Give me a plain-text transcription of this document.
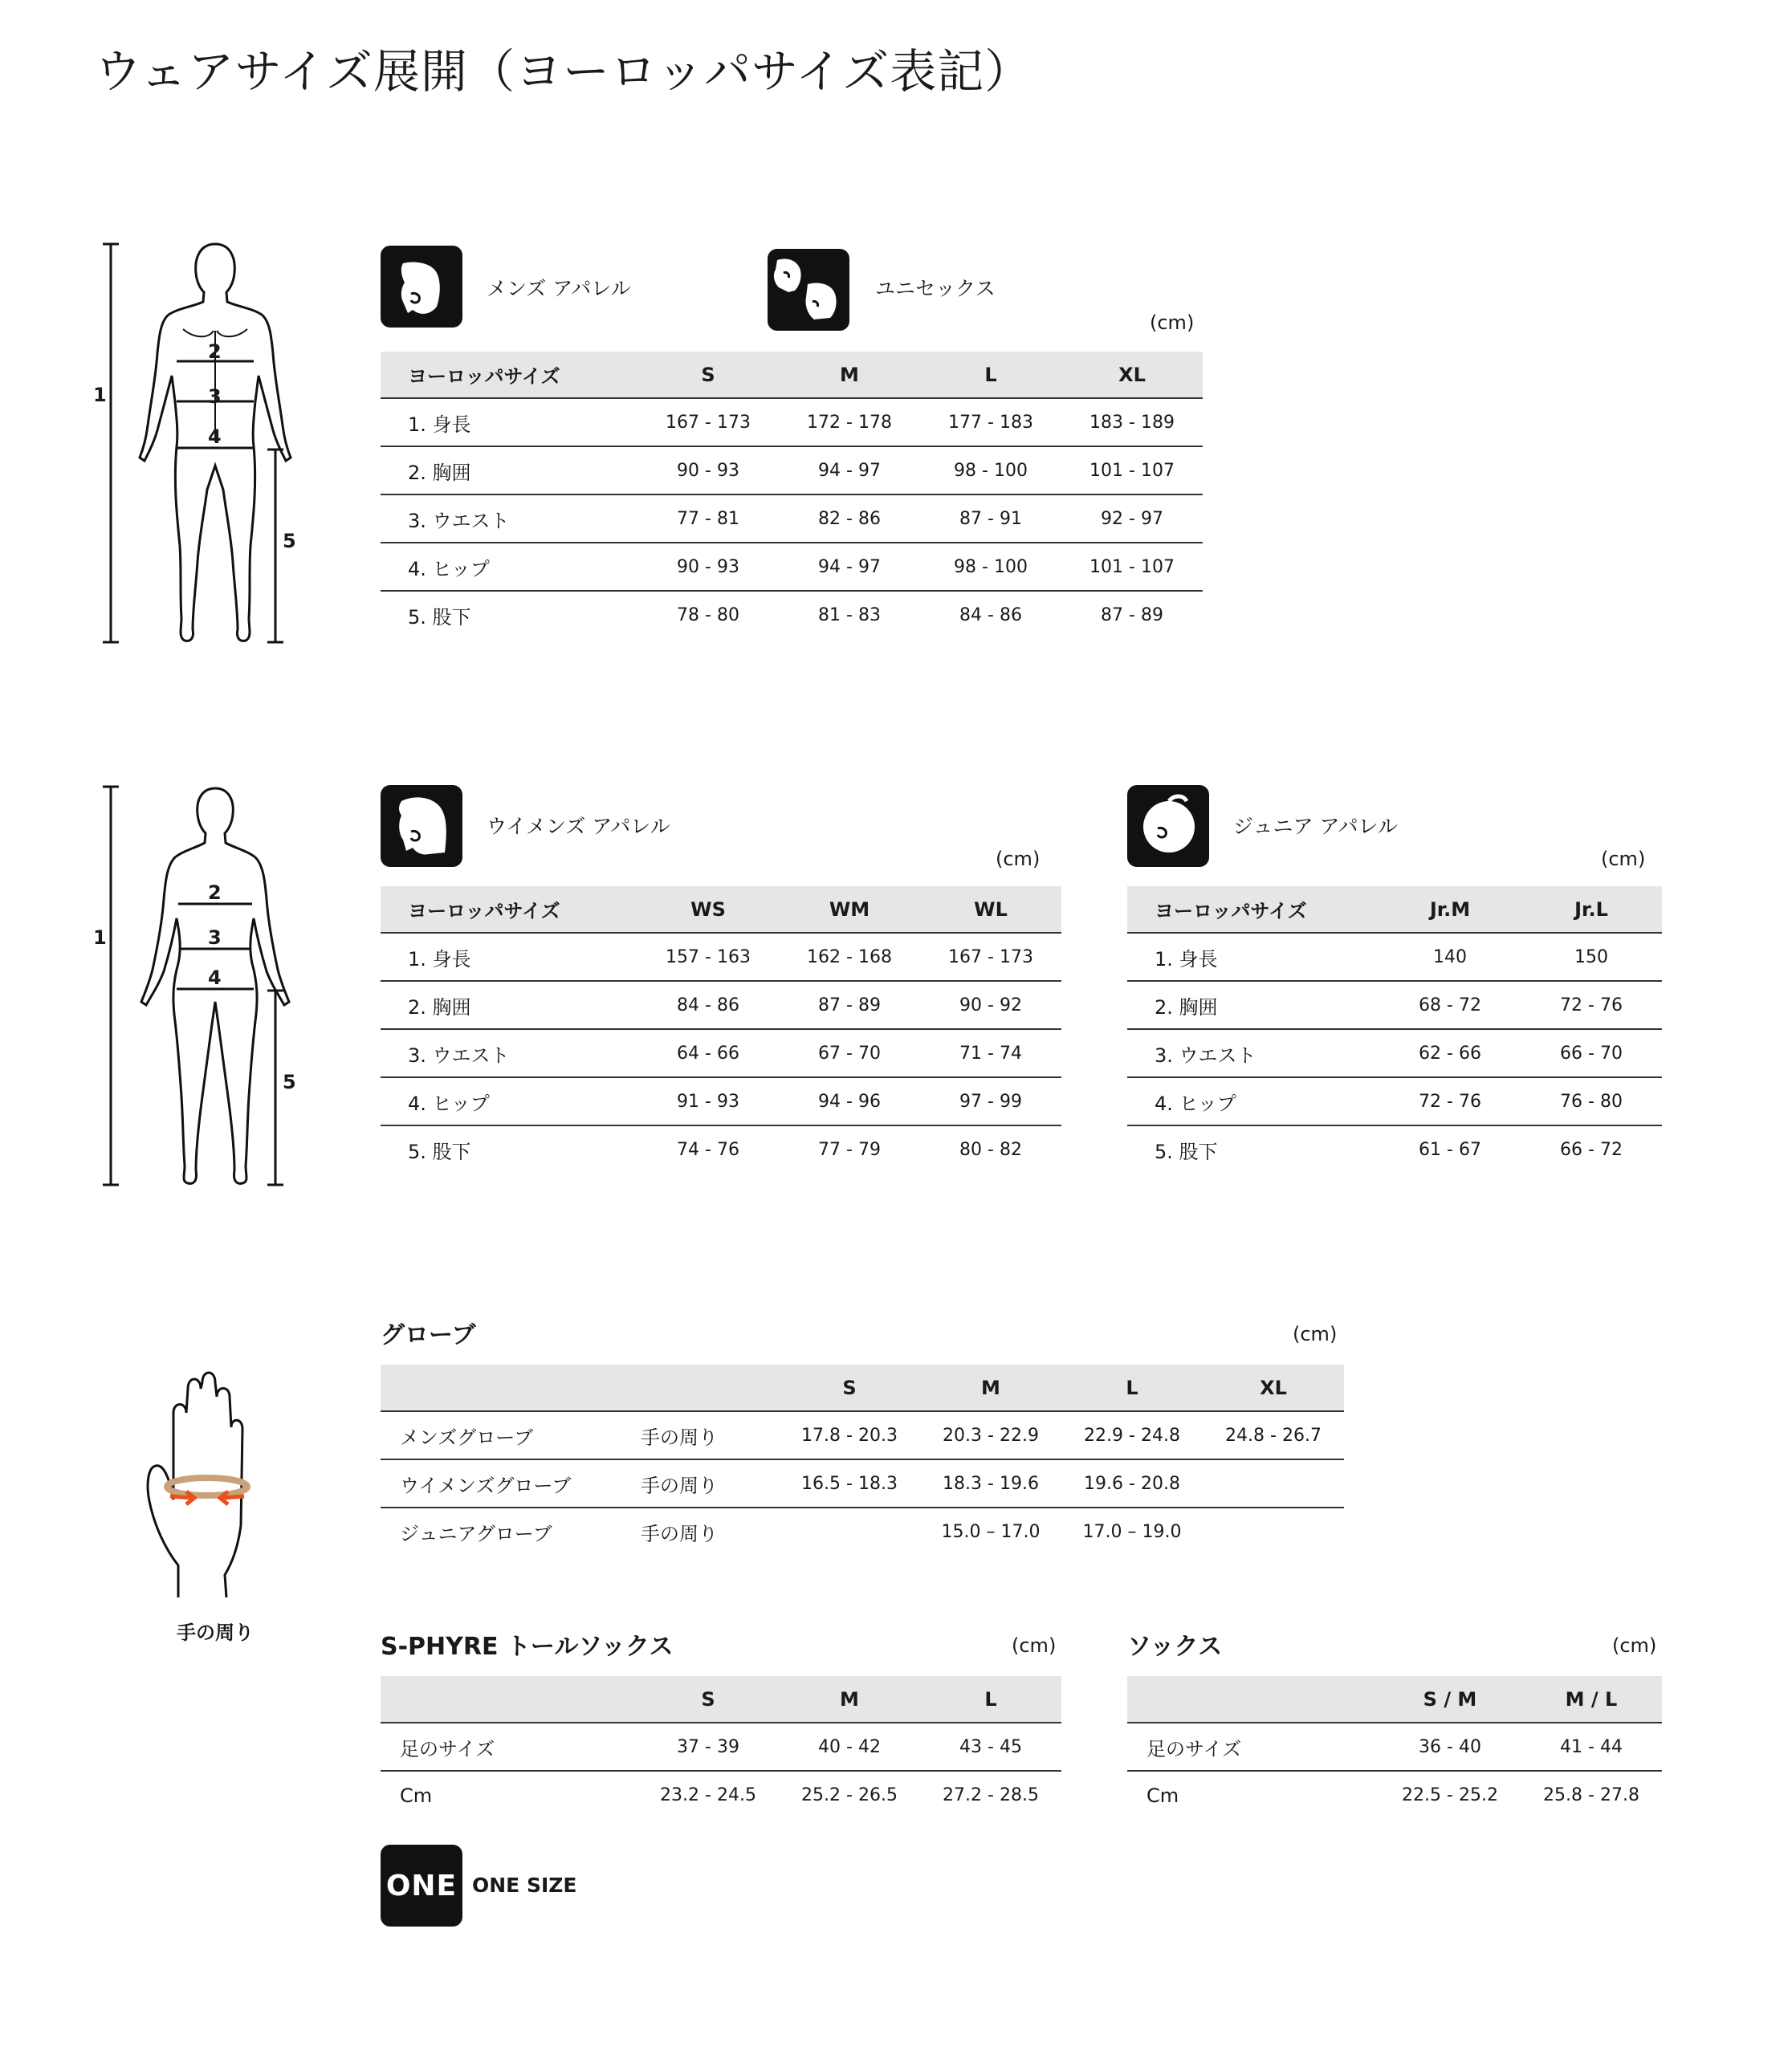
ウェアサイズ展開（ヨーロッパサイズ表記）
1
2
3
4
5
メンズ アパレル	ユニセックス
(cm)
ヨーロッパサイズ	S	M	L	XL
1. 身長	167 - 173	172 - 178	177 - 183	183 - 189
2. 胸囲	90 - 93	94 - 97	98 - 100	101 - 107
3. ウエスト	77 - 81	82 - 86	87 - 91	92 - 97
4. ヒップ	90 - 93	94 - 97	98 - 100	101 - 107
5. 股下	78 - 80	81 - 83	84 - 86	87 - 89
1
2
3
4
5
ウイメンズ アパレル
(cm)
ヨーロッパサイズ	WS	WM	WL
1. 身長	157 - 163	162 - 168	167 - 173
2. 胸囲	84 - 86	87 - 89	90 - 92
3. ウエスト	64 - 66	67 - 70	71 - 74
4. ヒップ	91 - 93	94 - 96	97 - 99
5. 股下	74 - 76	77 - 79	80 - 82
ジュニア アパレル
(cm)
ヨーロッパサイズ	Jr.M	Jr.L
1. 身長	140	150
2. 胸囲	68 - 72	72 - 76
3. ウエスト	62 - 66	66 - 70
4. ヒップ	72 - 76	76 - 80
5. 股下	61 - 67	66 - 72
手の周り
グローブ	(cm)
		S	M	L	XL
メンズグローブ	手の周り	17.8 - 20.3	20.3 - 22.9	22.9 - 24.8	24.8 - 26.7
ウイメンズグローブ	手の周り	16.5 - 18.3	18.3 - 19.6	19.6 - 20.8	
ジュニアグローブ	手の周り		15.0 – 17.0	17.0 – 19.0	
S-PHYRE トールソックス	(cm)
	S	M	L
足のサイズ	37 - 39	40 - 42	43 - 45
Cm	23.2 - 24.5	25.2 - 26.5	27.2 - 28.5
ソックス	(cm)
	S / M	M / L
足のサイズ	36 - 40	41 - 44
Cm	22.5 - 25.2	25.8 - 27.8
ONE ONE SIZE
